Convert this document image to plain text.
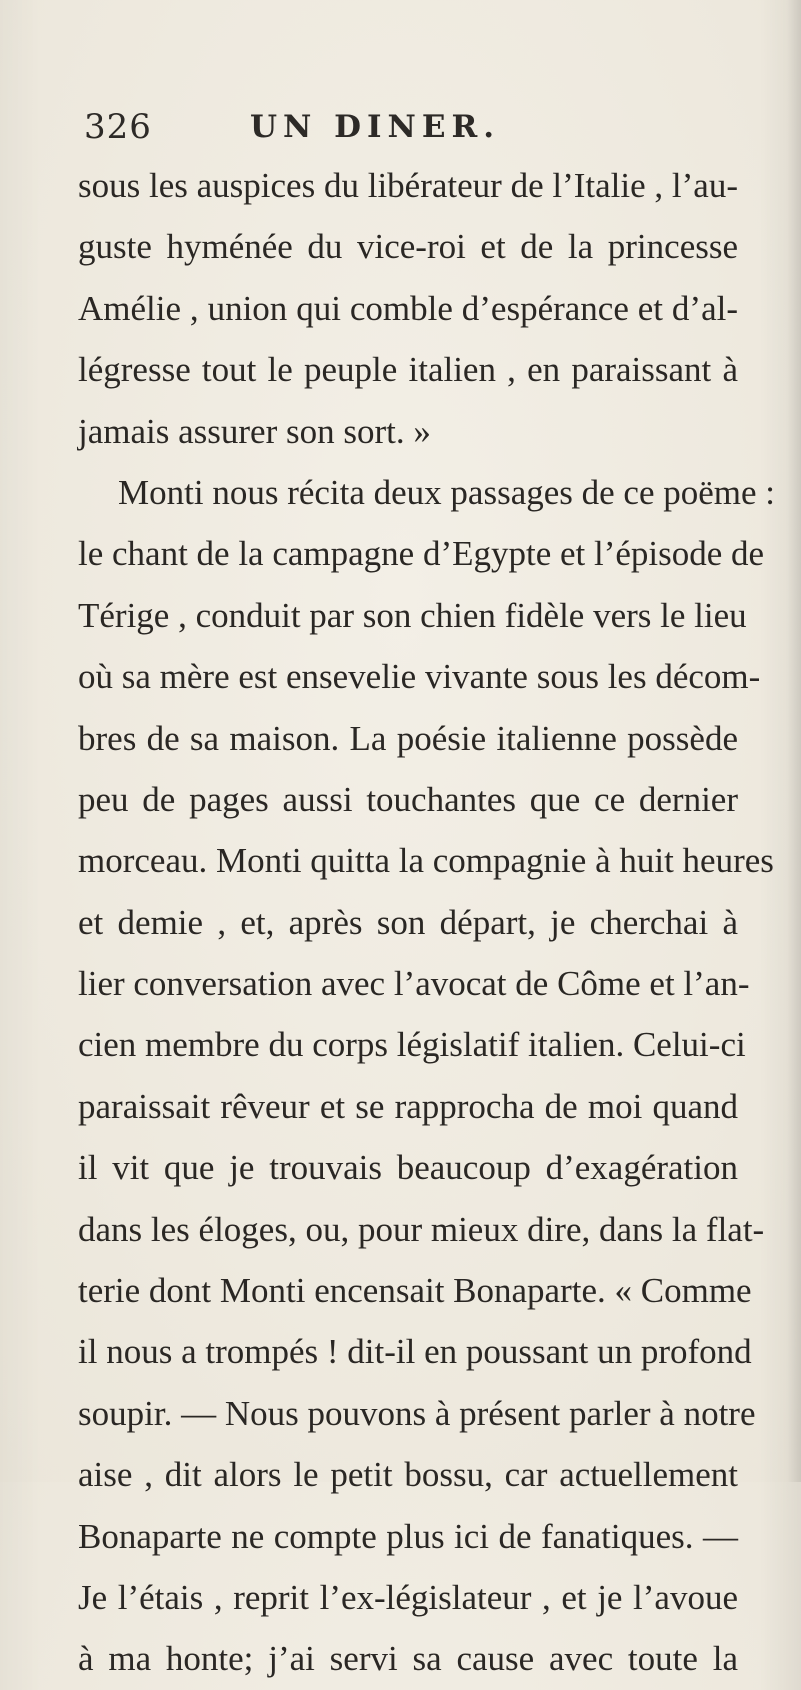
326	UN DINER.
sous les auspices du libérateur de l’Italie , l’au-
guste hyménée du vice-roi et de la princesse
Amélie , union qui comble d’espérance et d’al-
légresse tout le peuple italien , en paraissant à
jamais assurer son sort. »
Monti nous récita deux passages de ce poëme :
le chant de la campagne d’Egypte et l’épisode de
Térige , conduit par son chien fidèle vers le lieu
où sa mère est ensevelie vivante sous les décom-
bres de sa maison. La poésie italienne possède
peu de pages aussi touchantes que ce dernier
morceau. Monti quitta la compagnie à huit heures
et demie , et, après son départ, je cherchai à
lier conversation avec l’avocat de Côme et l’an-
cien membre du corps législatif italien. Celui-ci
paraissait rêveur et se rapprocha de moi quand
il vit que je trouvais beaucoup d’exagération
dans les éloges, ou, pour mieux dire, dans la flat-
terie dont Monti encensait Bonaparte. « Comme
il nous a trompés ! dit-il en poussant un profond
soupir. — Nous pouvons à présent parler à notre
aise , dit alors le petit bossu, car actuellement
Bonaparte ne compte plus ici de fanatiques. —
Je l’étais , reprit l’ex-législateur , et je l’avoue
à ma honte; j’ai servi sa cause avec toute la
